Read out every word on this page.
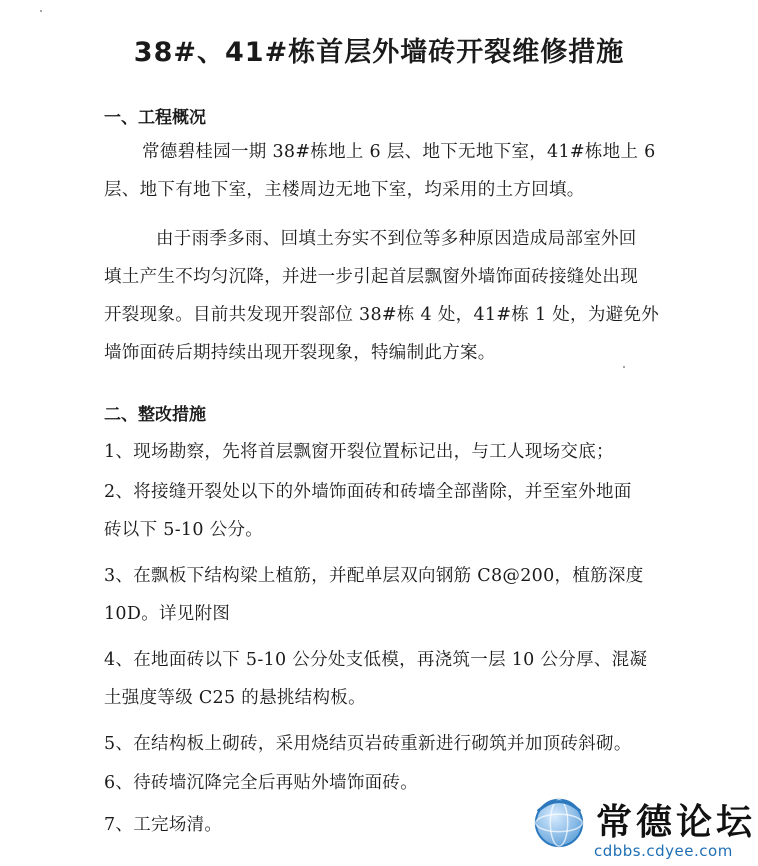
38#、41#栋首层外墙砖开裂维修措施
一、工程概况
常德碧桂园一期 38#栋地上 6 层、地下无地下室，41#栋地上 6
层、地下有地下室，主楼周边无地下室，均采用的土方回填。
由于雨季多雨、回填土夯实不到位等多种原因造成局部室外回
填土产生不均匀沉降，并进一步引起首层飘窗外墙饰面砖接缝处出现
开裂现象。目前共发现开裂部位 38#栋 4 处，41#栋 1 处，为避免外
墙饰面砖后期持续出现开裂现象，特编制此方案。
二、整改措施
1、现场勘察，先将首层飘窗开裂位置标记出，与工人现场交底；
2、将接缝开裂处以下的外墙饰面砖和砖墙全部凿除，并至室外地面
砖以下 5-10 公分。
3、在飘板下结构梁上植筋，并配单层双向钢筋 C8@200，植筋深度
10D。详见附图
4、在地面砖以下 5-10 公分处支低模，再浇筑一层 10 公分厚、混凝
土强度等级 C25 的悬挑结构板。
5、在结构板上砌砖，采用烧结页岩砖重新进行砌筑并加顶砖斜砌。
6、待砖墙沉降完全后再贴外墙饰面砖。
7、工完场清。	常德论坛
cdbbs.cdyee.com
